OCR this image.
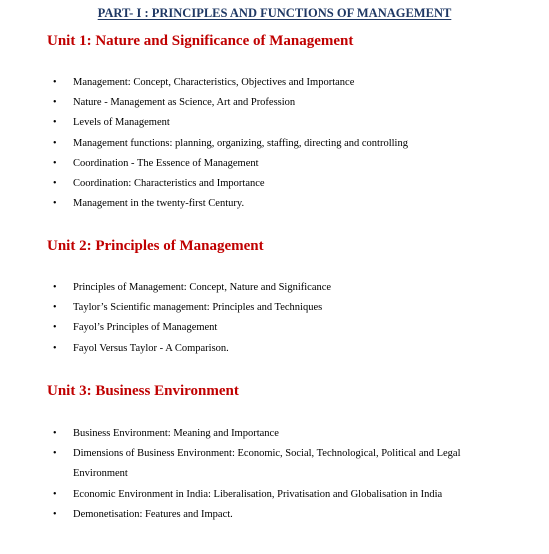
PART- I : PRINCIPLES AND FUNCTIONS OF MANAGEMENT
Unit 1: Nature and Significance of Management
• Management: Concept, Characteristics, Objectives and Importance
• Nature - Management as Science, Art and Profession
• Levels of Management
• Management functions: planning, organizing, staffing, directing and controlling
• Coordination - The Essence of Management
• Coordination: Characteristics and Importance
• Management in the twenty-first Century.
Unit 2: Principles of Management
• Principles of Management: Concept, Nature and Significance
• Taylor’s Scientific management: Principles and Techniques
• Fayol’s Principles of Management
• Fayol Versus Taylor - A Comparison.
Unit 3: Business Environment
• Business Environment: Meaning and Importance
• Dimensions of Business Environment: Economic, Social, Technological, Political and Legal Environment
• Economic Environment in India: Liberalisation, Privatisation and Globalisation in India
• Demonetisation: Features and Impact.
